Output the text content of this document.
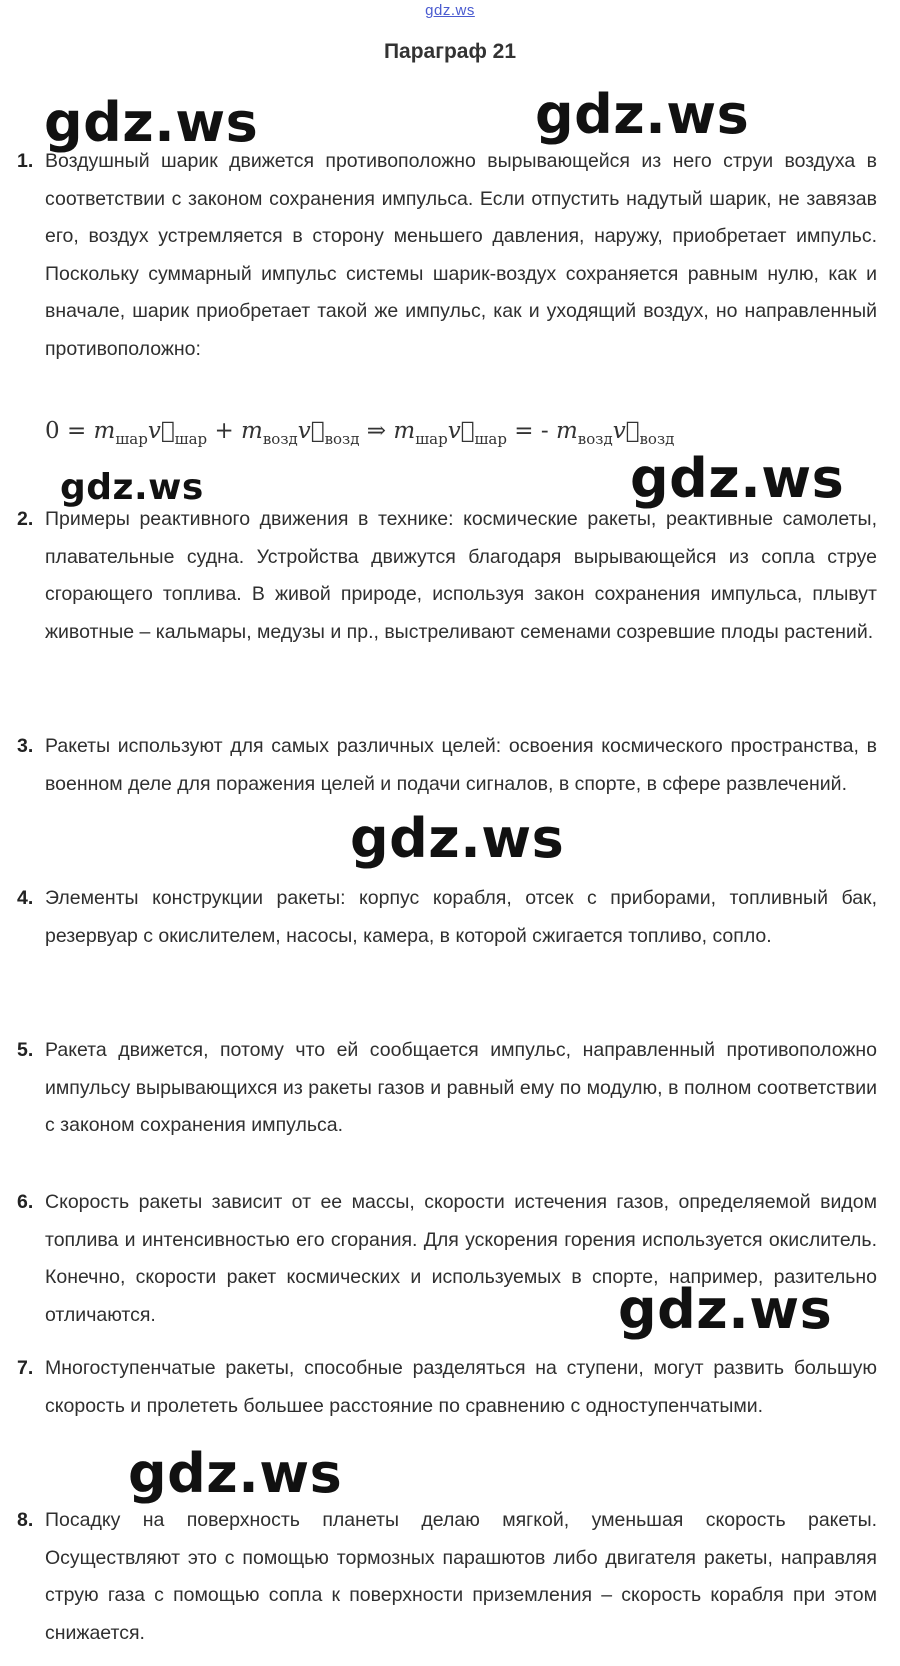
gdz.ws
Параграф 21
gdz.ws	gdz.ws
gdz.ws	gdz.ws
gdz.ws
gdz.ws
gdz.ws
1. Воздушный шарик движется противоположно вырывающейся из него струи воздуха в соответствии с законом сохранения импульса. Если отпустить надутый шарик, не завязав его, воздух устремляется в сторону меньшего давления, наружу, приобретает импульс. Поскольку суммарный импульс системы шарик-воздух сохраняется равным нулю, как и вначале, шарик приобретает такой же импульс, как и уходящий воздух, но направленный противоположно:
$0 = m_{шар}v⃗_{шар}$ + $m_{возд}v⃗_{возд}$ ⇒ $m_{шар}v⃗_{шар}$ = - $m_{возд}v⃗_{возд}$
2. Примеры реактивного движения в технике: космические ракеты, реактивные самолеты, плавательные судна. Устройства движутся благодаря вырывающейся из сопла струе сгорающего топлива. В живой природе, используя закон сохранения импульса, плывут животные – кальмары, медузы и пр., выстреливают семенами созревшие плоды растений.
3. Ракеты используют для самых различных целей: освоения космического пространства, в военном деле для поражения целей и подачи сигналов, в спорте, в сфере развлечений.
4. Элементы конструкции ракеты: корпус корабля, отсек с приборами, топливный бак, резервуар с окислителем, насосы, камера, в которой сжигается топливо, сопло.
5. Ракета движется, потому что ей сообщается импульс, направленный противоположно импульсу вырывающихся из ракеты газов и равный ему по модулю, в полном соответствии с законом сохранения импульса.
6. Скорость ракеты зависит от ее массы, скорости истечения газов, определяемой видом топлива и интенсивностью его сгорания. Для ускорения горения используется окислитель. Конечно, скорости ракет космических и используемых в спорте, например, разительно отличаются.
7. Многоступенчатые ракеты, способные разделяться на ступени, могут развить большую скорость и пролететь большее расстояние по сравнению с одноступенчатыми.
8. Посадку на поверхность планеты делаю мягкой, уменьшая скорость ракеты. Осуществляют это с помощью тормозных парашютов либо двигателя ракеты, направляя струю газа с помощью сопла к поверхности приземления – скорость корабля при этом снижается.
